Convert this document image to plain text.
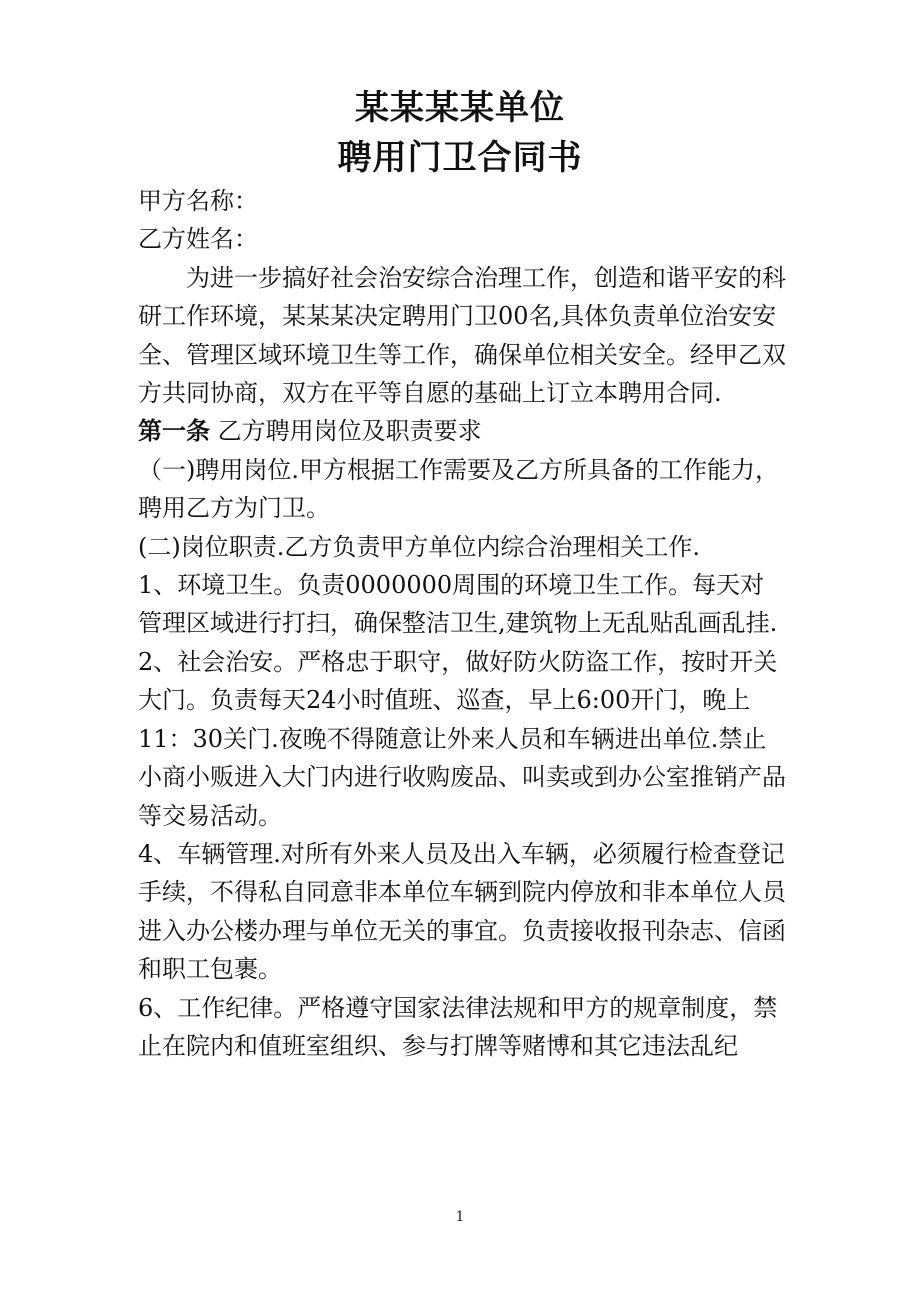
某某某某单位
聘用门卫合同书

甲方名称：

乙方姓名：

为进一步搞好社会治安综合治理工作，创造和谐平安的科研工作环境，某某某决定聘用门卫00名,具体负责单位治安安全、管理区域环境卫生等工作，确保单位相关安全。经甲乙双方共同协商，双方在平等自愿的基础上订立本聘用合同.

第一条 乙方聘用岗位及职责要求

（一)聘用岗位.甲方根据工作需要及乙方所具备的工作能力，聘用乙方为门卫。

(二)岗位职责.乙方负责甲方单位内综合治理相关工作.

1、环境卫生。负责0000000周围的环境卫生工作。每天对管理区域进行打扫，确保整洁卫生,建筑物上无乱贴乱画乱挂.

2、社会治安。严格忠于职守，做好防火防盗工作，按时开关大门。负责每天24小时值班、巡查，早上6:00开门，晚上11：30关门.夜晚不得随意让外来人员和车辆进出单位.禁止小商小贩进入大门内进行收购废品、叫卖或到办公室推销产品等交易活动。

4、车辆管理.对所有外来人员及出入车辆，必须履行检查登记手续，不得私自同意非本单位车辆到院内停放和非本单位人员进入办公楼办理与单位无关的事宜。负责接收报刊杂志、信函和职工包裹。

6、工作纪律。严格遵守国家法律法规和甲方的规章制度，禁止在院内和值班室组织、参与打牌等赌博和其它违法乱纪

1
